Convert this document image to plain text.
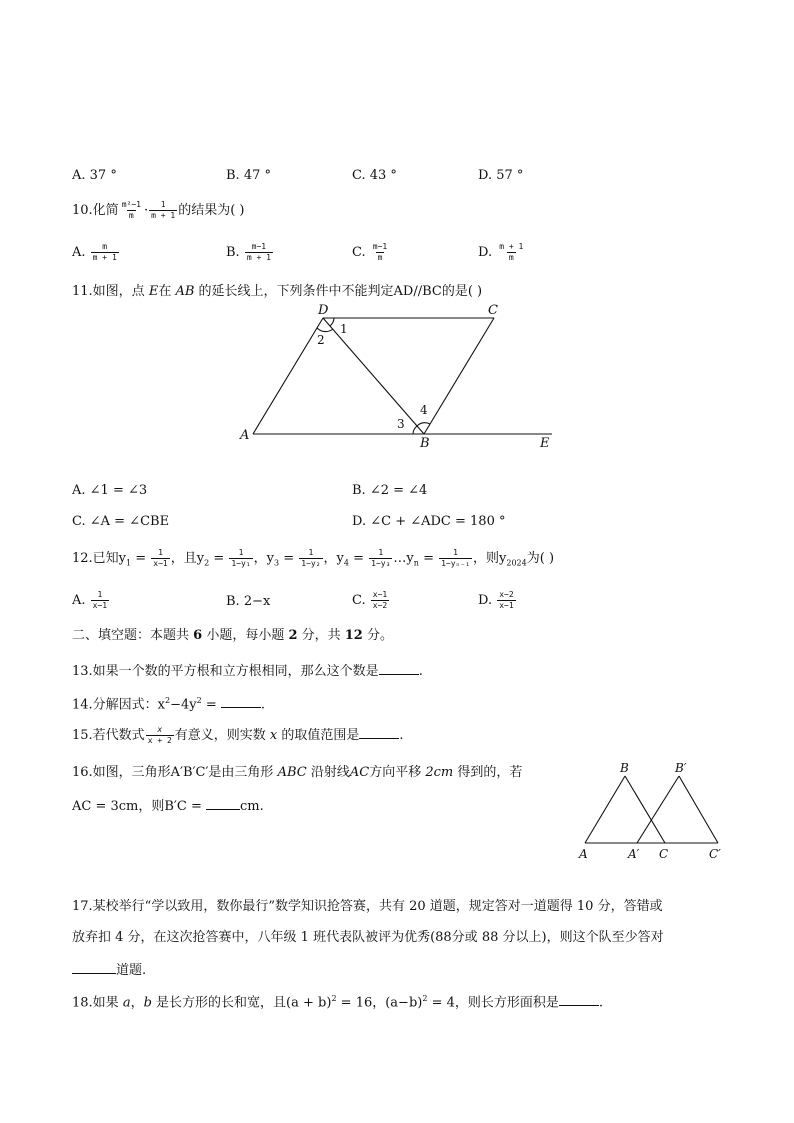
A. 37 °	B. 47 °	C. 43 °	D. 57 °
10.化简 $\frac{\text{m²−1}}{m} \cdot \frac{1}{m + 1}$ 的结果为( )
A. $\frac{m}{m + 1}$	B. $\frac{m-1}{m + 1}$	C. $\frac{m-1}{m}$	D. $\frac{m + 1}{m}$
11.如图，点 E在 AB 的延长线上，下列条件中不能判定AD//BC的是( )
D	C
A
B	E
1
2
3
4
B	B′
A	A′ C	C′
A. ∠1 = ∠3	B. ∠2 = ∠4
C. ∠A = ∠CBE	D. ∠C + ∠ADC = 180 °
12.已知$y_1 = \frac{1}{x-1}$ ，且$y_2 = \frac{1}{\text{1−y₁}}$ ，$y_3 = \frac{1}{\text{1−y₂}}$ ，$y_4 = \frac{1}{\text{1−y₃}}$ $\dots y_n = \frac{1}{\text{1−yₙ₋₁}}$ ，则$y_{2024}$为( )
A. $\frac{1}{x-1}$	B. 2−x	C. $\frac{x-1}{x-2}$	D. $\frac{x-2}{x-1}$
二、填空题：本题共 6 小题，每小题 2 分，共 12 分。
13.如果一个数的平方根和立方根相同，那么这个数是	.
14.分解因式：$x^2-4y^2$ =	.
15.若代数式 $\frac{x}{x + 2}$ 有意义，则实数 x 的取值范围是	.
16.如图，三角形A′B′C′是由三角形 ABC 沿射线AC方向平移 2cm 得到的，若
AC = 3cm，则B′C =	cm.
17.某校举行“学以致用，数你最行”数学知识抢答赛，共有 20 道题，规定答对一道题得 10 分，答错或
放弃扣 4 分，在这次抢答赛中，八年级 1 班代表队被评为优秀(88分或 88 分以上)，则这个队至少答对
道题.
18.如果 a，b 是长方形的长和宽，且$(a + b)^2 = 16$，$(a-b)^2 = 4$，则长方形面积是	.
